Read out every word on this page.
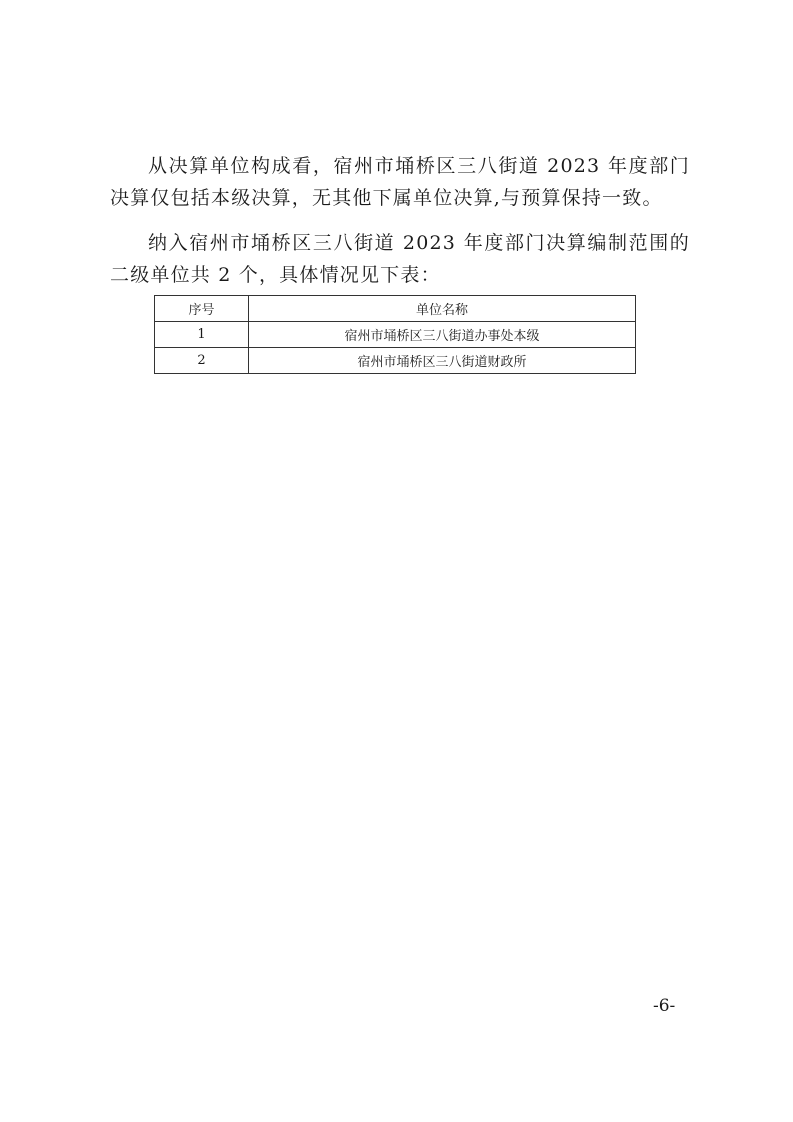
从决算单位构成看，宿州市埇桥区三八街道 2023 年度部门决算仅包括本级决算，无其他下属单位决算,与预算保持一致。

纳入宿州市埇桥区三八街道 2023 年度部门决算编制范围的二级单位共 2 个，具体情况见下表：

序号	单位名称
1	宿州市埇桥区三八街道办事处本级
2	宿州市埇桥区三八街道财政所
-6-
